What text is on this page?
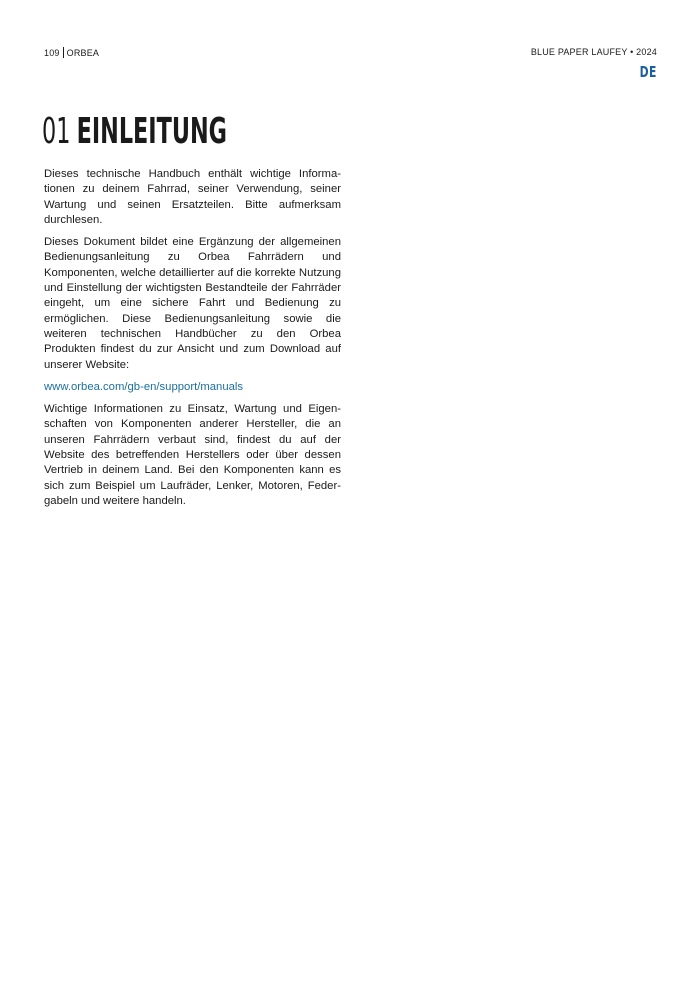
109 ORBEA	BLUE PAPER LAUFEY • 2024
DE
01 EINLEITUNG

Dieses technische Handbuch enthält wichtige Informationen zu deinem Fahrrad, seiner Verwendung, seiner Wartung und seinen Ersatzteilen. Bitte aufmerksam durchlesen.

Dieses Dokument bildet eine Ergänzung der allgemeinen Bedienungsanleitung zu Orbea Fahrrädern und Komponenten, welche detaillierter auf die korrekte Nutzung und Einstellung der wichtigsten Bestandteile der Fahrräder eingeht, um eine sichere Fahrt und Bedienung zu ermöglichen. Diese Bedienungsanleitung sowie die weiteren technischen Handbücher zu den Orbea Produkten findest du zur Ansicht und zum Download auf unserer Website:

www.orbea.com/gb-en/support/manuals

Wichtige Informationen zu Einsatz, Wartung und Eigenschaften von Komponenten anderer Hersteller, die an unseren Fahrrädern verbaut sind, findest du auf der Website des betreffenden Herstellers oder über dessen Vertrieb in deinem Land. Bei den Komponenten kann es sich zum Beispiel um Laufräder, Lenker, Motoren, Federgabeln und weitere handeln.
